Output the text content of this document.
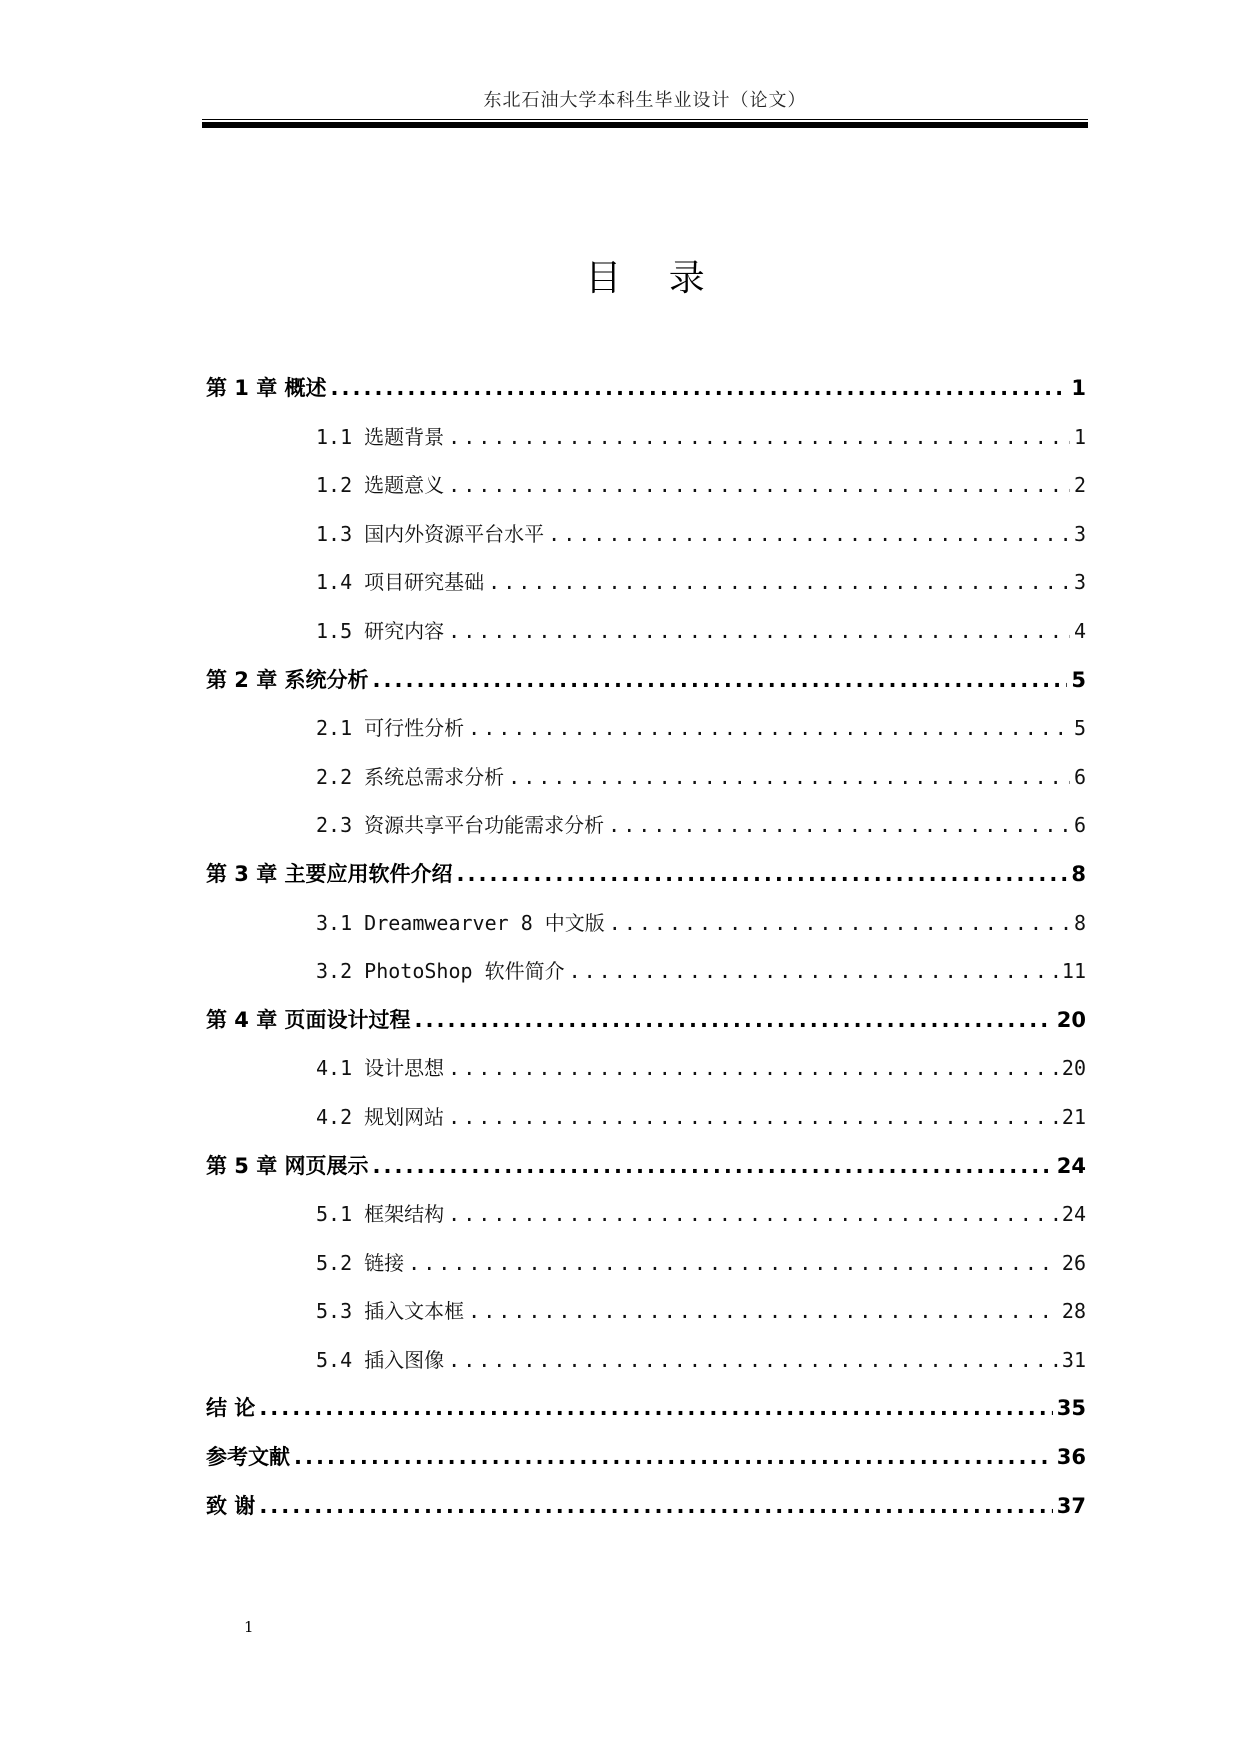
东北石油大学本科生毕业设计（论文）
目 录
第 1 章 概述 .....	1
1.1 选题背景 .....	1
1.2 选题意义 .....	2
1.3 国内外资源平台水平 .....	3
1.4 项目研究基础 .....	3
1.5 研究内容 .....	4
第 2 章 系统分析 .....	5
2.1 可行性分析 .....	5
2.2 系统总需求分析 .....	6
2.3 资源共享平台功能需求分析 .....	6
第 3 章 主要应用软件介绍 .....	8
3.1 Dreamwearver 8 中文版 .....	8
3.2 PhotoShop 软件简介 .....	11
第 4 章 页面设计过程 .....	20
4.1 设计思想 .....	20
4.2 规划网站 .....	21
第 5 章 网页展示 .....	24
5.1 框架结构 .....	24
5.2 链接 .....	26
5.3 插入文本框 .....	28
5.4 插入图像 .....	31
结 论 .....	35
参考文献 .....	36
致 谢 .....	37
1
